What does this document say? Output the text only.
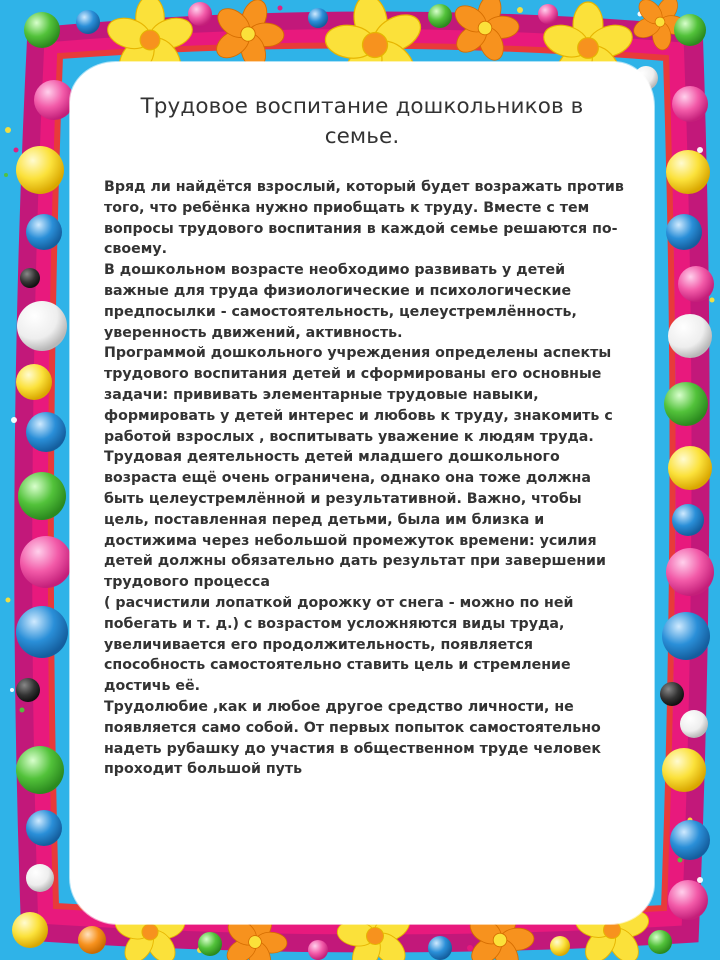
Трудовое воспитание дошкольников в семье.

Вряд ли найдётся взрослый, который будет возражать против того, что ребёнка нужно приобщать к труду. Вместе с тем вопросы трудового воспитания в каждой семье решаются по-своему.

В дошкольном возрасте необходимо развивать у детей важные для труда физиологические и психологические предпосылки - самостоятельность, целеустремлённость, уверенность движений, активность.

Программой дошкольного учреждения определены аспекты трудового воспитания детей и сформированы его основные задачи: прививать элементарные трудовые навыки, формировать у детей интерес и любовь к труду, знакомить с работой взрослых , воспитывать уважение к людям труда.

Трудовая деятельность детей младшего дошкольного возраста ещё очень ограничена, однако она тоже должна быть целеустремлённой и результативной. Важно, чтобы цель, поставленная перед детьми, была им близка и достижима через небольшой промежуток времени: усилия детей должны обязательно дать результат при завершении трудового процесса

( расчистили лопаткой дорожку от снега - можно по ней побегать и т. д.) с возрастом усложняются виды труда, увеличивается его продолжительность, появляется способность самостоятельно ставить цель и стремление достичь её.

Трудолюбие ,как и любое другое средство личности, не появляется само собой. От первых попыток самостоятельно надеть рубашку до участия в общественном труде человек проходит большой путь
